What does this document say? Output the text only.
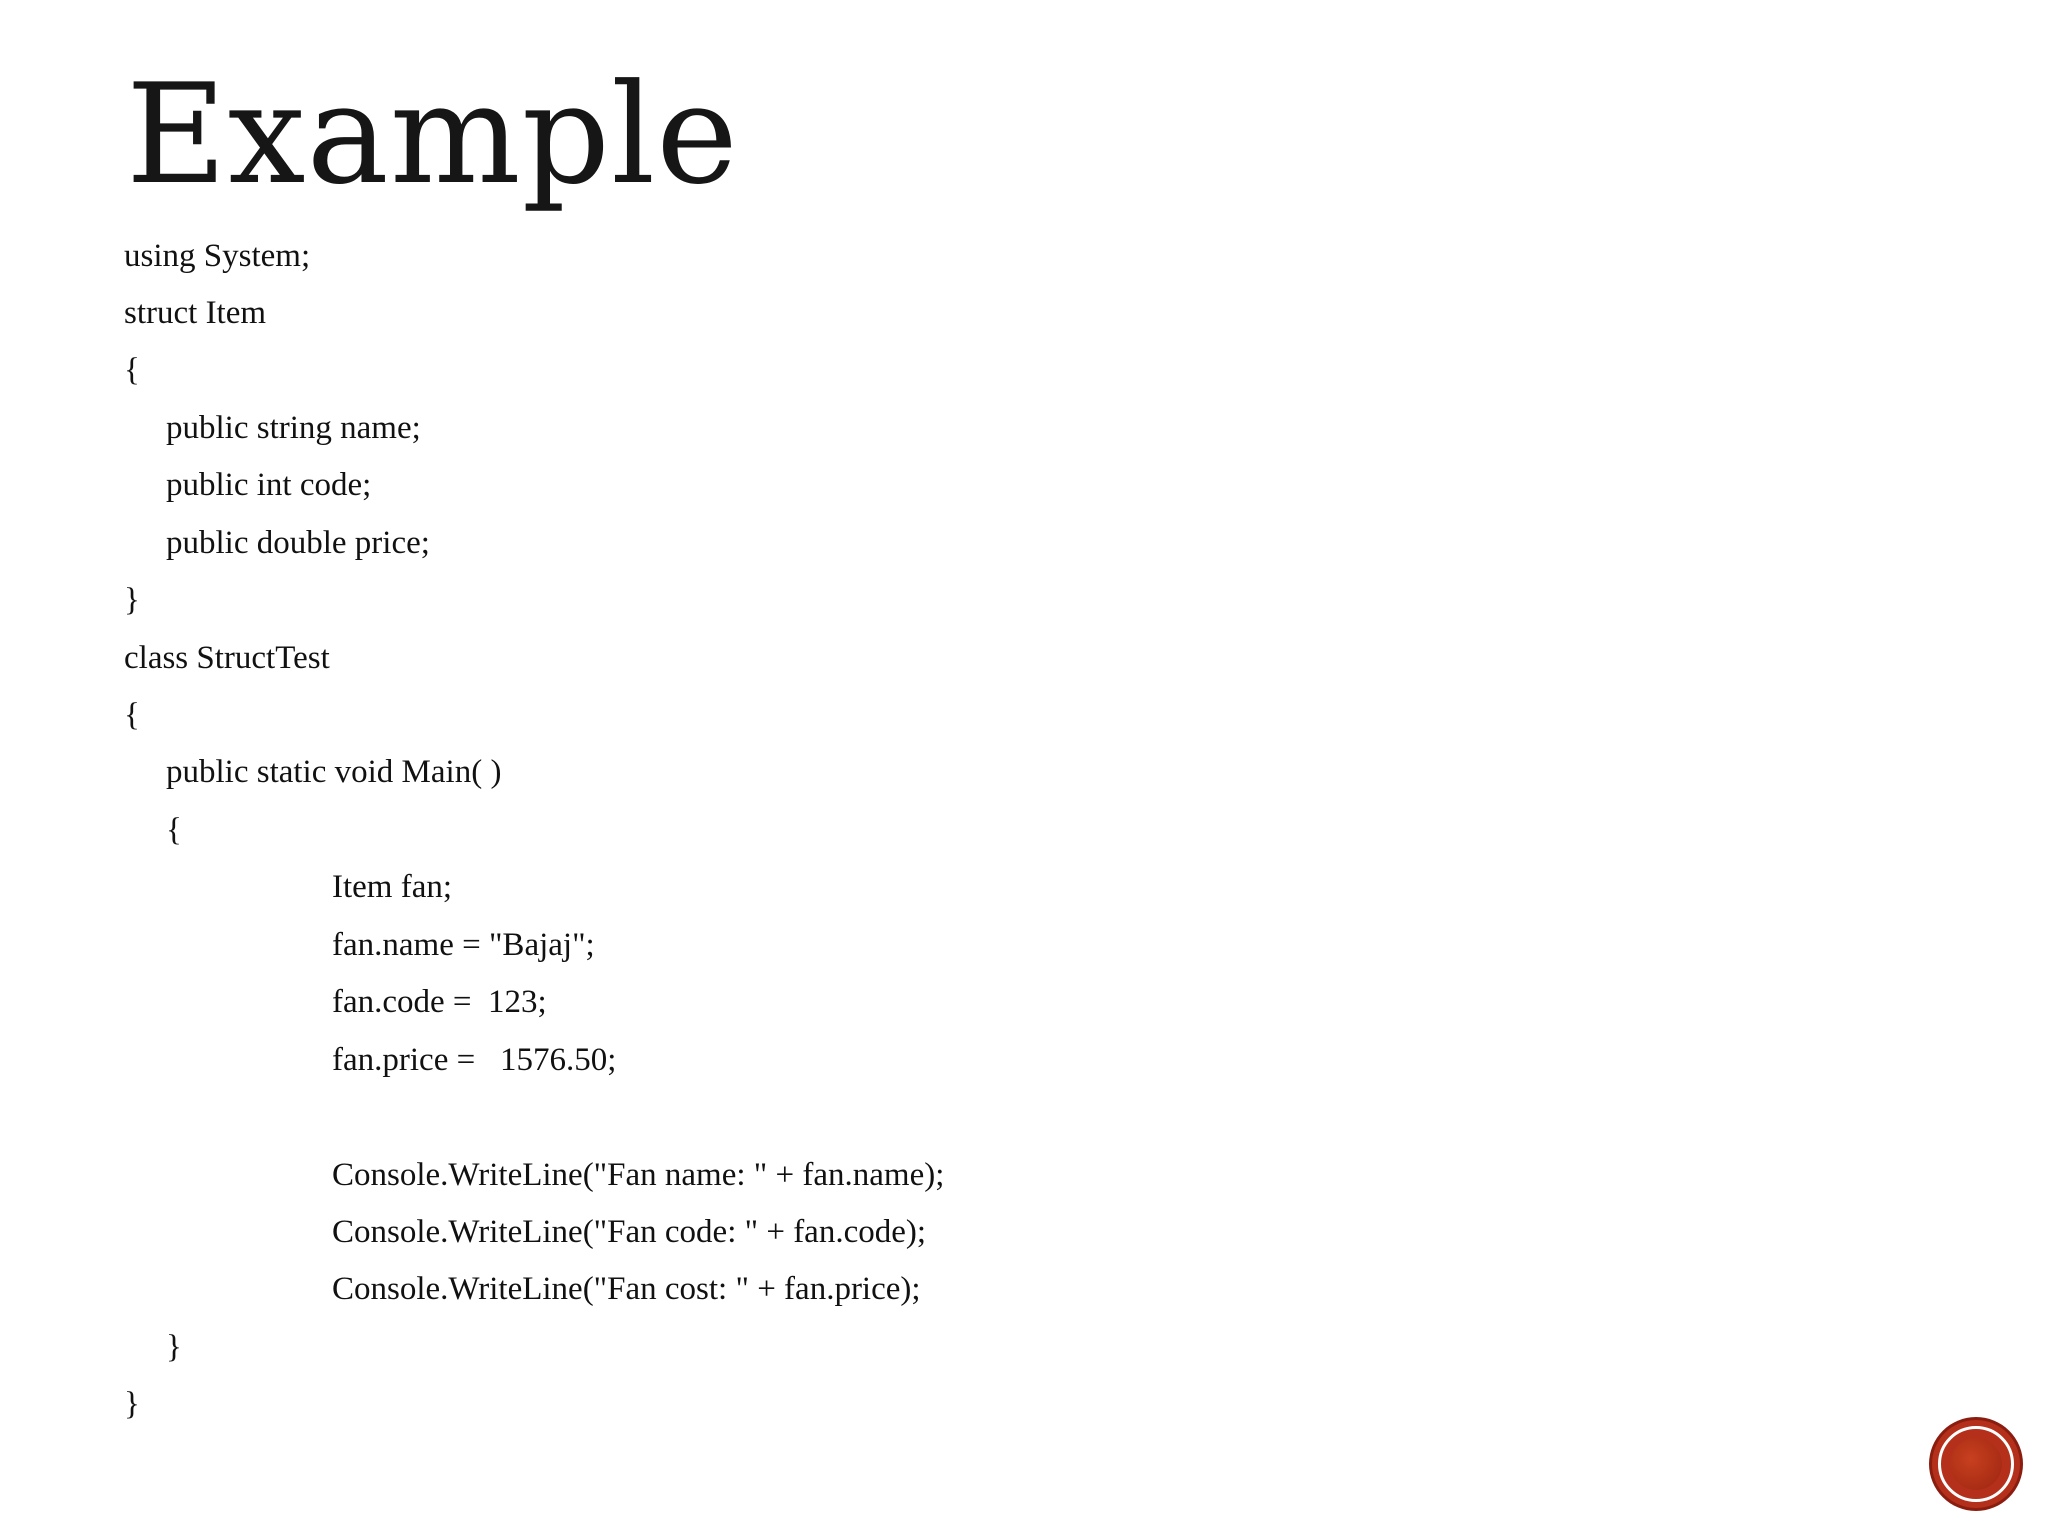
Example
using System;
struct Item
{
public string name;
public int code;
public double price;
}
class StructTest
{
public static void Main( )
{
Item fan;
fan.name = "Bajaj";
fan.code =  123;
fan.price =   1576.50;
Console.WriteLine("Fan name: " + fan.name);
Console.WriteLine("Fan code: " + fan.code);
Console.WriteLine("Fan cost: " + fan.price);
}
}
